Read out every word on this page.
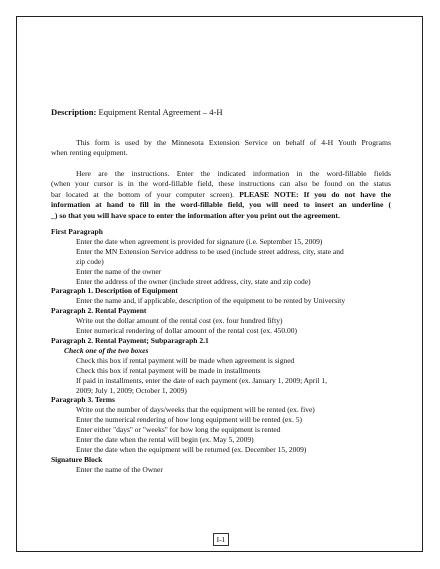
Description: Equipment Rental Agreement – 4-H
This form is used by the Minnesota Extension Service on behalf of 4-H Youth Programs
when renting equipment.
Here are the instructions. Enter the indicated information in the word-fillable fields
(when your cursor is in the word-fillable field, these instructions can also be found on the status
bar located at the bottom of your computer screen). PLEASE NOTE: If you do not have the
information at hand to fill in the word-fillable field, you will need to insert an underline (
_) so that you will have space to enter the information after you print out the agreement.
First Paragraph
Enter the date when agreement is provided for signature (i.e. September 15, 2009)
Enter the MN Extension Service address to be used (include street address, city, state and
zip code)
Enter the name of the owner
Enter the address of the owner (include street address, city, state and zip code)
Paragraph 1. Description of Equipment
Enter the name and, if applicable, description of the equipment to be rented by University
Paragraph 2. Rental Payment
Write out the dollar amount of the rental cost (ex. four hundred fifty)
Enter numerical rendering of dollar amount of the rental cost (ex. 450.00)
Paragraph 2. Rental Payment; Subparagraph 2.1
Check one of the two boxes
Check this box if rental payment will be made when agreement is signed
Check this box if rental payment will be made in installments
If paid in installments, enter the date of each payment (ex. January 1, 2009; April 1,
2009; July 1, 2009; October 1, 2009)
Paragraph 3. Terms
Write out the number of days/weeks that the equipment will be rented (ex. five)
Enter the numerical rendering of how long equipment will be rented (ex. 5)
Enter either "days" or "weeks" for how long the equipment is rented
Enter the date when the rental will begin (ex. May 5, 2009)
Enter the date when the equipment will be returned (ex. December 15, 2009)
Signature Block
Enter the name of the Owner
I-1
